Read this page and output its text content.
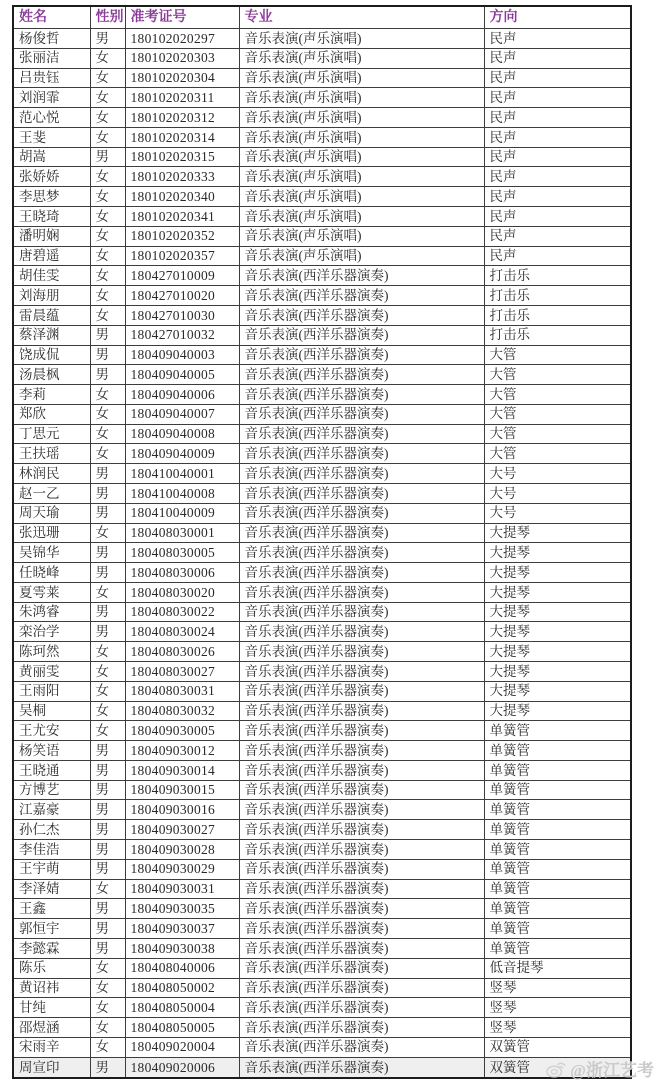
姓名	性别	准考证号	专业	方向
杨俊哲	男	180102020297	音乐表演(声乐演唱)	民声
张丽洁	女	180102020303	音乐表演(声乐演唱)	民声
吕贵钰	女	180102020304	音乐表演(声乐演唱)	民声
刘润霏	女	180102020311	音乐表演(声乐演唱)	民声
范心悦	女	180102020312	音乐表演(声乐演唱)	民声
王斐	女	180102020314	音乐表演(声乐演唱)	民声
胡嵩	男	180102020315	音乐表演(声乐演唱)	民声
张娇娇	女	180102020333	音乐表演(声乐演唱)	民声
李思梦	女	180102020340	音乐表演(声乐演唱)	民声
王晓琦	女	180102020341	音乐表演(声乐演唱)	民声
潘明娴	女	180102020352	音乐表演(声乐演唱)	民声
唐碧遥	女	180102020357	音乐表演(声乐演唱)	民声
胡佳雯	女	180427010009	音乐表演(西洋乐器演奏)	打击乐
刘海朋	女	180427010020	音乐表演(西洋乐器演奏)	打击乐
雷晨蕴	女	180427010030	音乐表演(西洋乐器演奏)	打击乐
蔡泽渊	男	180427010032	音乐表演(西洋乐器演奏)	打击乐
饶成侃	男	180409040003	音乐表演(西洋乐器演奏)	大管
汤晨枫	男	180409040005	音乐表演(西洋乐器演奏)	大管
李莉	女	180409040006	音乐表演(西洋乐器演奏)	大管
郑欣	女	180409040007	音乐表演(西洋乐器演奏)	大管
丁思元	女	180409040008	音乐表演(西洋乐器演奏)	大管
王扶瑶	女	180409040009	音乐表演(西洋乐器演奏)	大管
林润民	男	180410040001	音乐表演(西洋乐器演奏)	大号
赵一乙	男	180410040008	音乐表演(西洋乐器演奏)	大号
周天瑜	男	180410040009	音乐表演(西洋乐器演奏)	大号
张迅珊	女	180408030001	音乐表演(西洋乐器演奏)	大提琴
吴锦华	男	180408030005	音乐表演(西洋乐器演奏)	大提琴
任晓峰	男	180408030006	音乐表演(西洋乐器演奏)	大提琴
夏雩莱	女	180408030020	音乐表演(西洋乐器演奏)	大提琴
朱鸿睿	男	180408030022	音乐表演(西洋乐器演奏)	大提琴
栾治学	男	180408030024	音乐表演(西洋乐器演奏)	大提琴
陈珂然	女	180408030026	音乐表演(西洋乐器演奏)	大提琴
黄丽雯	女	180408030027	音乐表演(西洋乐器演奏)	大提琴
王雨阳	女	180408030031	音乐表演(西洋乐器演奏)	大提琴
吴桐	女	180408030032	音乐表演(西洋乐器演奏)	大提琴
王尤安	女	180409030005	音乐表演(西洋乐器演奏)	单簧管
杨笑语	男	180409030012	音乐表演(西洋乐器演奏)	单簧管
王晓通	男	180409030014	音乐表演(西洋乐器演奏)	单簧管
方博艺	男	180409030015	音乐表演(西洋乐器演奏)	单簧管
江嘉豪	男	180409030016	音乐表演(西洋乐器演奏)	单簧管
孙仁杰	男	180409030027	音乐表演(西洋乐器演奏)	单簧管
李佳浩	男	180409030028	音乐表演(西洋乐器演奏)	单簧管
王宇萌	男	180409030029	音乐表演(西洋乐器演奏)	单簧管
李泽婧	女	180409030031	音乐表演(西洋乐器演奏)	单簧管
王鑫	男	180409030035	音乐表演(西洋乐器演奏)	单簧管
郭恒宇	男	180409030037	音乐表演(西洋乐器演奏)	单簧管
李懿霖	男	180409030038	音乐表演(西洋乐器演奏)	单簧管
陈乐	女	180408040006	音乐表演(西洋乐器演奏)	低音提琴
黄诏祎	女	180408050002	音乐表演(西洋乐器演奏)	竖琴
甘纯	女	180408050004	音乐表演(西洋乐器演奏)	竖琴
邵煜涵	女	180408050005	音乐表演(西洋乐器演奏)	竖琴
宋雨辛	女	180409020004	音乐表演(西洋乐器演奏)	双簧管
周宣印	男	180409020006	音乐表演(西洋乐器演奏)	双簧管 @浙江艺考
